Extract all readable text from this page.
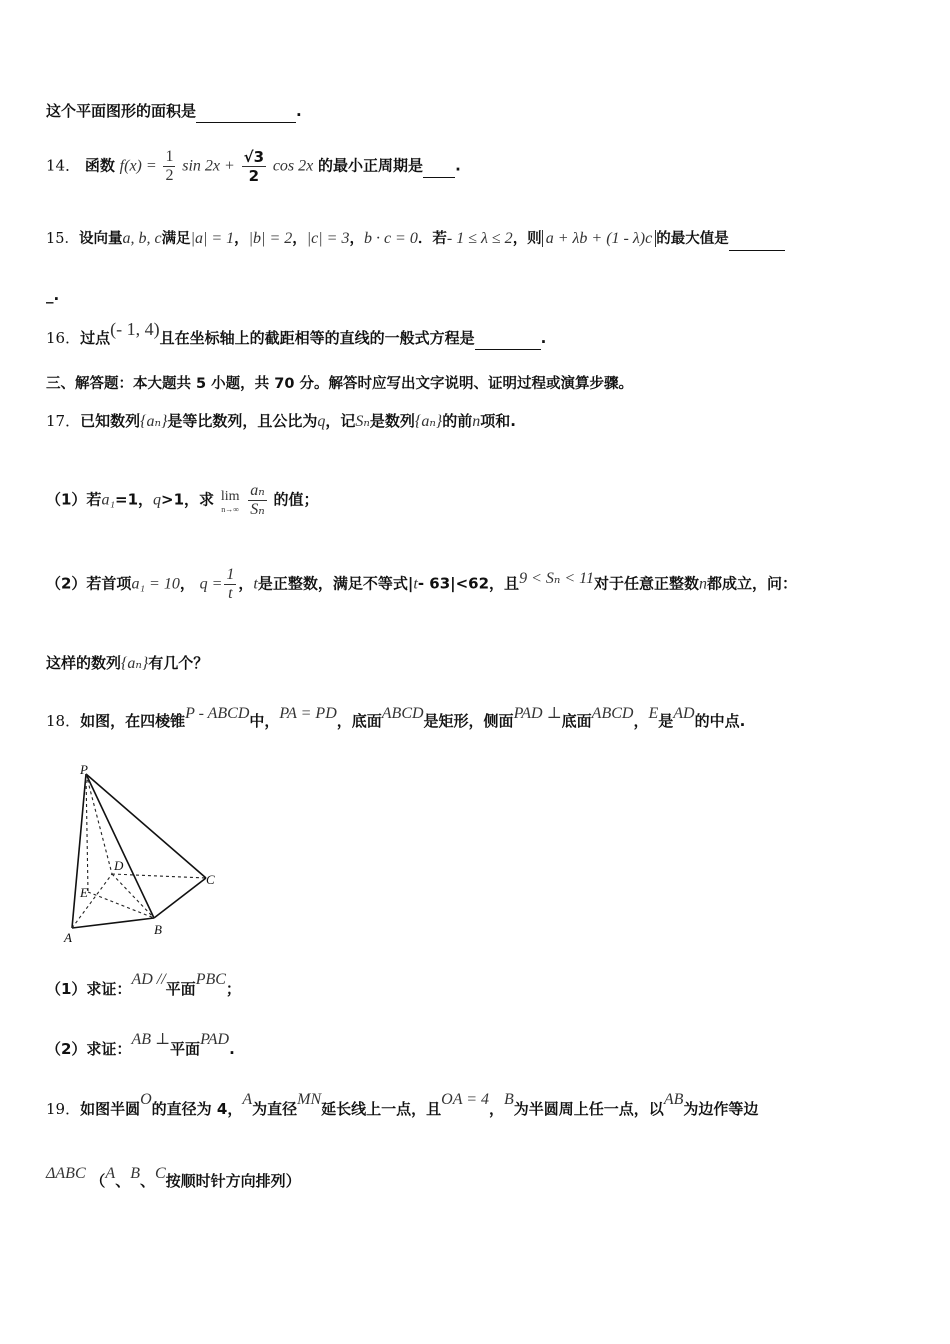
这个平面图形的面积是	.
14． 函数 $f(x) = \frac{1}{2}$ $\sin 2x + \frac{√3}{2}$ cos 2x 的最小正周期是 .
15．设向量a, b, c满足|a| = 1，|b| = 2，|c| = 3，b · c = 0．若- 1 ≤ λ ≤ 2，则 a + λb + (1 - λ)c 的最大值是
_.
16．过点(- 1, 4)且在坐标轴上的截距相等的直线的一般式方程是	.
三、解答题：本大题共 5 小题，共 70 分。解答时应写出文字说明、证明过程或演算步骤。
17．已知数列{aₙ}是等比数列，且公比为q，记Sₙ是数列{aₙ}的前n项和.
（1）若a₁=1，q>1，求 lim
n→∞
$\frac{\text{aₙ}}{\text{Sₙ}}$ 的值；
（2）若首项a₁ = 10， $q = \frac{1}{t}$ ，t是正整数，满足不等式|t- 63|<62，且9 < Sₙ < 11对于任意正整数n都成立，问：
这样的数列{aₙ}有几个？
18．如图，在四棱锥P - ABCD中，PA = PD，底面ABCD是矩形，侧面PAD ⊥底面ABCD，E是AD的中点.
P
D
C
E
A
B
（1）求证：AD //平面PBC；
（2）求证：AB ⊥平面PAD.
19．如图半圆O的直径为 4，A为直径MN延长线上一点，且OA = 4，B为半圆周上任一点，以AB为边作等边
ΔABC （A、B、C按顺时针方向排列）
